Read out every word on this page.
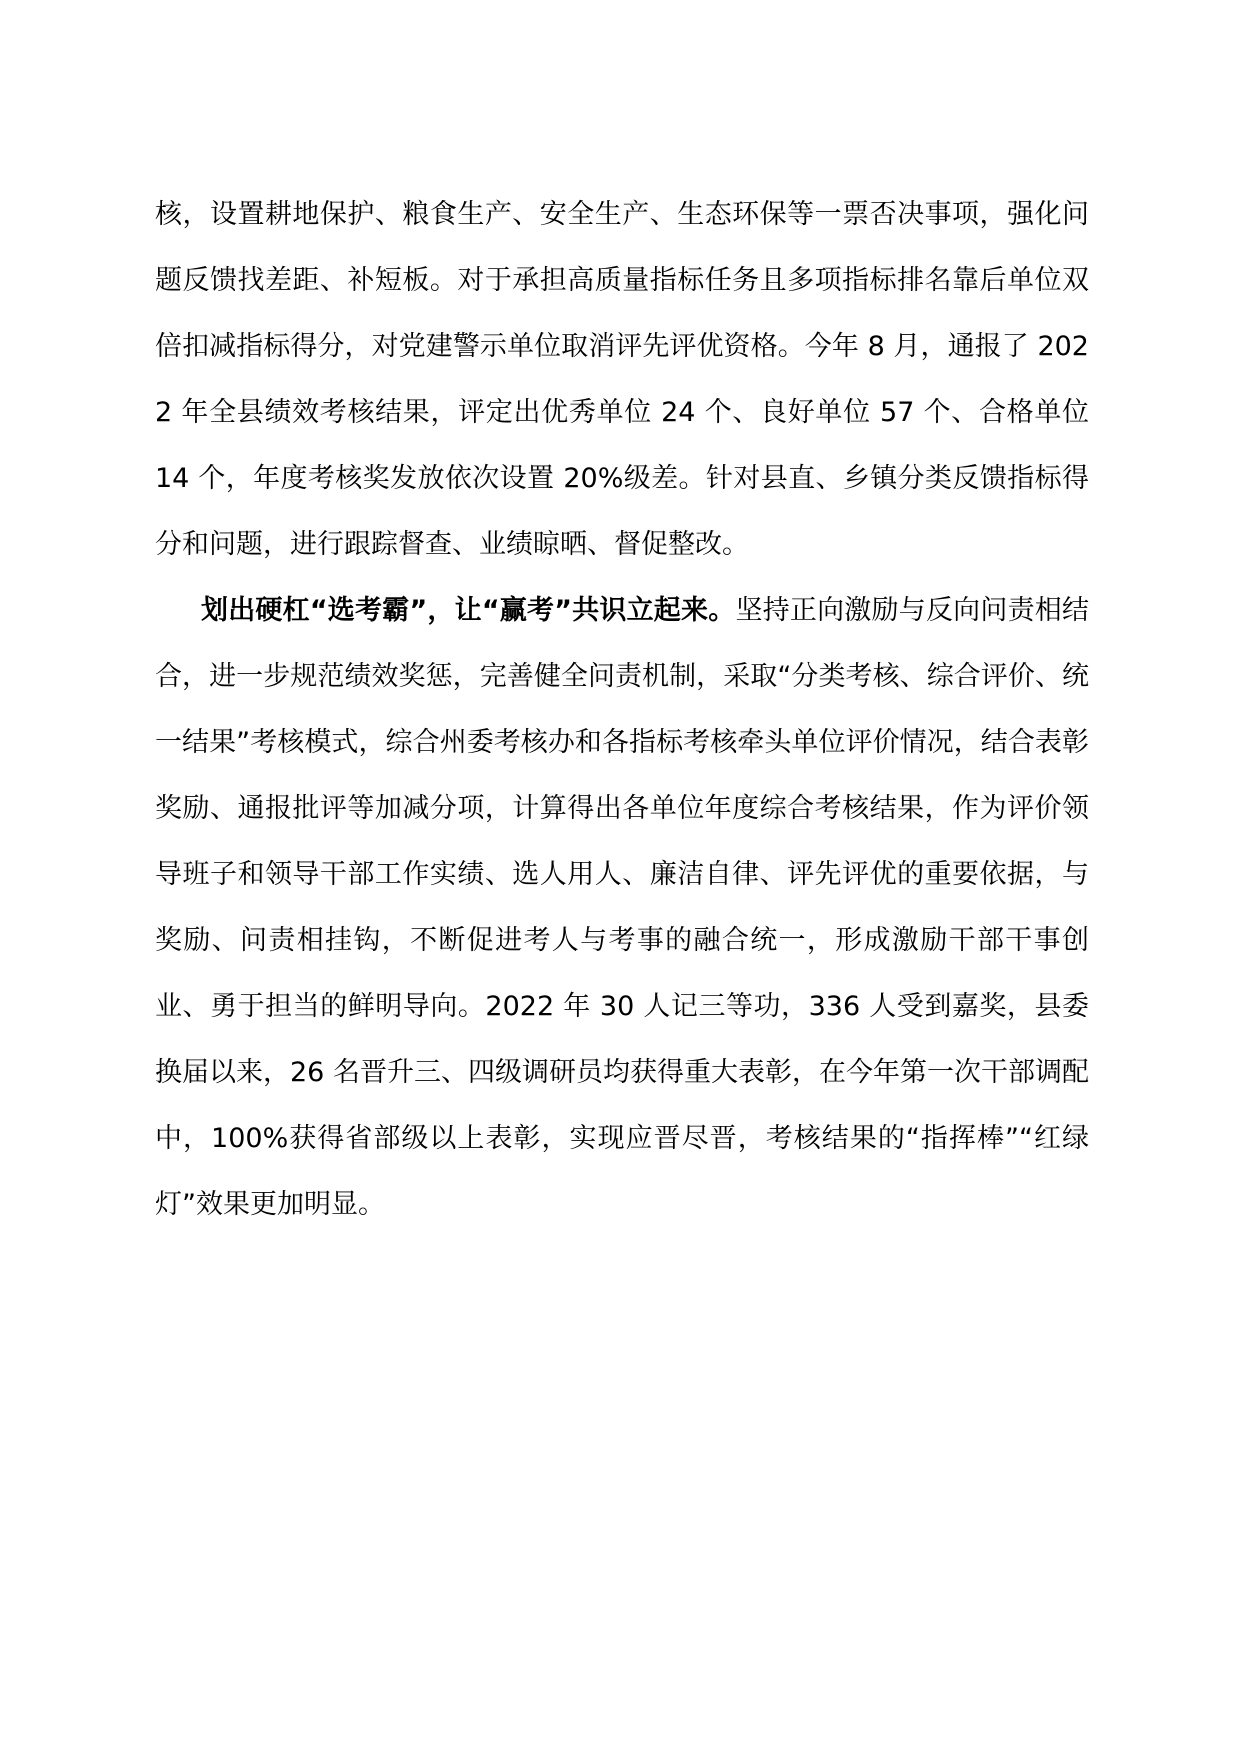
核，设置耕地保护、粮食生产、安全生产、生态环保等一票否决事项，强化问题反馈找差距、补短板。对于承担高质量指标任务且多项指标排名靠后单位双倍扣减指标得分，对党建警示单位取消评先评优资格。今年 8 月，通报了 2022 年全县绩效考核结果，评定出优秀单位 24 个、良好单位 57 个、合格单位 14 个，年度考核奖发放依次设置 20%级差。针对县直、乡镇分类反馈指标得分和问题，进行跟踪督查、业绩晾晒、督促整改。

划出硬杠“选考霸”，让“赢考”共识立起来。坚持正向激励与反向问责相结合，进一步规范绩效奖惩，完善健全问责机制，采取“分类考核、综合评价、统一结果”考核模式，综合州委考核办和各指标考核牵头单位评价情况，结合表彰奖励、通报批评等加减分项，计算得出各单位年度综合考核结果，作为评价领导班子和领导干部工作实绩、选人用人、廉洁自律、评先评优的重要依据，与奖励、问责相挂钩，不断促进考人与考事的融合统一，形成激励干部干事创业、勇于担当的鲜明导向。2022 年 30 人记三等功，336 人受到嘉奖，县委换届以来，26 名晋升三、四级调研员均获得重大表彰，在今年第一次干部调配中，100%获得省部级以上表彰，实现应晋尽晋，考核结果的“指挥棒”“红绿灯”效果更加明显。
